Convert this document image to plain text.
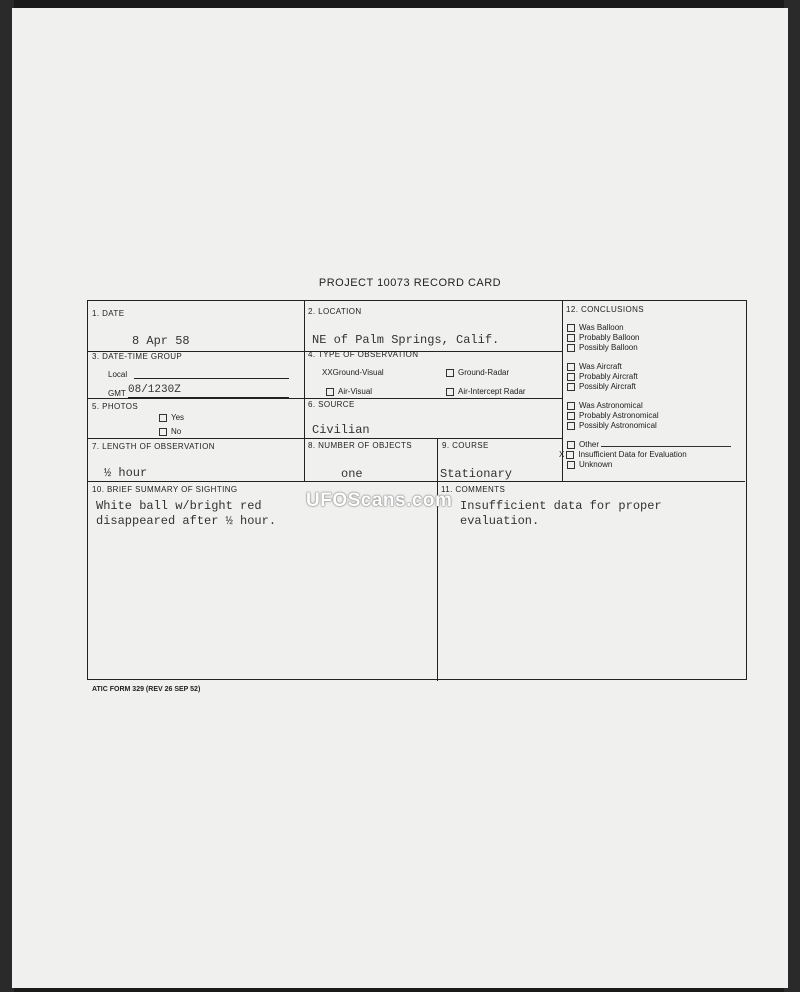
PROJECT 10073 RECORD CARD
1. DATE
8 Apr 58
2. LOCATION
NE of Palm Springs, Calif.
3. DATE-TIME GROUP
Local
GMT 08/1230Z
4. TYPE OF OBSERVATION
XXGround-Visual	Ground-Radar
Air-Visual	Air-Intercept Radar
5. PHOTOS
Yes
No
6. SOURCE
Civilian
7. LENGTH OF OBSERVATION
½ hour
8. NUMBER OF OBJECTS
one
9. COURSE
Stationary
10. BRIEF SUMMARY OF SIGHTING
White ball w/bright red
disappeared after ½ hour.
11. COMMENTS
Insufficient data for proper
evaluation.
12. CONCLUSIONS
Was Balloon
Probably Balloon
Possibly Balloon
Was Aircraft
Probably Aircraft
Possibly Aircraft
Was Astronomical
Probably Astronomical
Possibly Astronomical
Other
X Insufficient Data for Evaluation
Unknown
ATIC FORM 329 (REV 26 SEP 52)
UFOScans.com
